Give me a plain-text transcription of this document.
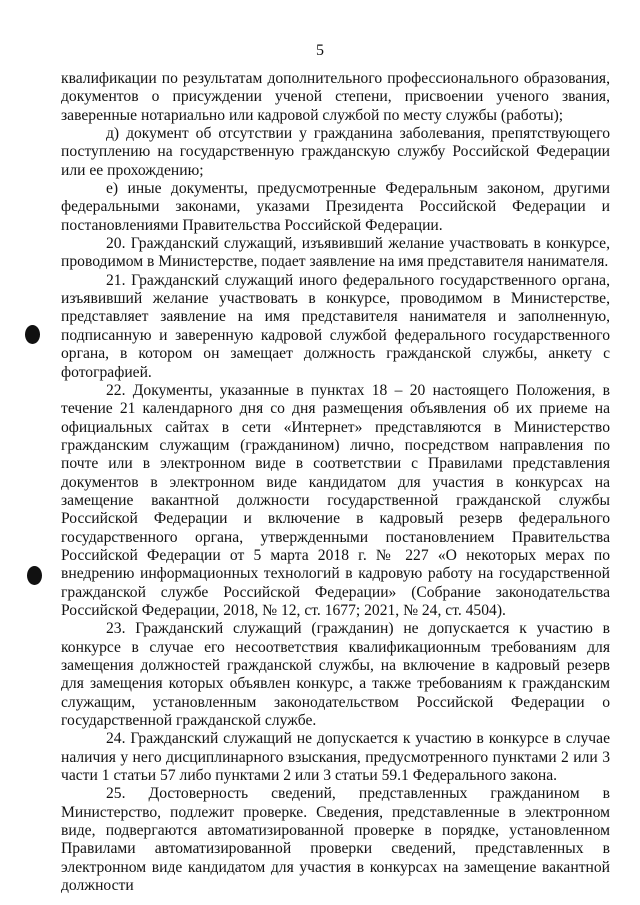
5

квалификации по результатам дополнительного профессионального образования, документов о присуждении ученой степени, присвоении ученого звания, заверенные нотариально или кадровой службой по месту службы (работы);

д) документ об отсутствии у гражданина заболевания, препятствующего поступлению на государственную гражданскую службу Российской Федерации или ее прохождению;

е) иные документы, предусмотренные Федеральным законом, другими федеральными законами, указами Президента Российской Федерации и постановлениями Правительства Российской Федерации.

20. Гражданский служащий, изъявивший желание участвовать в конкурсе, проводимом в Министерстве, подает заявление на имя представителя нанимателя.

21. Гражданский служащий иного федерального государственного органа, изъявивший желание участвовать в конкурсе, проводимом в Министерстве, представляет заявление на имя представителя нанимателя и заполненную, подписанную и заверенную кадровой службой федерального государственного органа, в котором он замещает должность гражданской службы, анкету с фотографией.

22. Документы, указанные в пунктах 18 – 20 настоящего Положения, в течение 21 календарного дня со дня размещения объявления об их приеме на официальных сайтах в сети «Интернет» представляются в Министерство гражданским служащим (гражданином) лично, посредством направления по почте или в электронном виде в соответствии с Правилами представления документов в электронном виде кандидатом для участия в конкурсах на замещение вакантной должности государственной гражданской службы Российской Федерации и включение в кадровый резерв федерального государственного органа, утвержденными постановлением Правительства Российской Федерации от 5 марта 2018 г. № 227 «О некоторых мерах по внедрению информационных технологий в кадровую работу на государственной гражданской службе Российской Федерации» (Собрание законодательства Российской Федерации, 2018, № 12, ст. 1677; 2021, № 24, ст. 4504).

23. Гражданский служащий (гражданин) не допускается к участию в конкурсе в случае его несоответствия квалификационным требованиям для замещения должностей гражданской службы, на включение в кадровый резерв для замещения которых объявлен конкурс, а также требованиям к гражданским служащим, установленным законодательством Российской Федерации о государственной гражданской службе.

24. Гражданский служащий не допускается к участию в конкурсе в случае наличия у него дисциплинарного взыскания, предусмотренного пунктами 2 или 3 части 1 статьи 57 либо пунктами 2 или 3 статьи 59.1 Федерального закона.

25. Достоверность сведений, представленных гражданином в Министерство, подлежит проверке. Сведения, представленные в электронном виде, подвергаются автоматизированной проверке в порядке, установленном Правилами автоматизированной проверки сведений, представленных в электронном виде кандидатом для участия в конкурсах на замещение вакантной должности
